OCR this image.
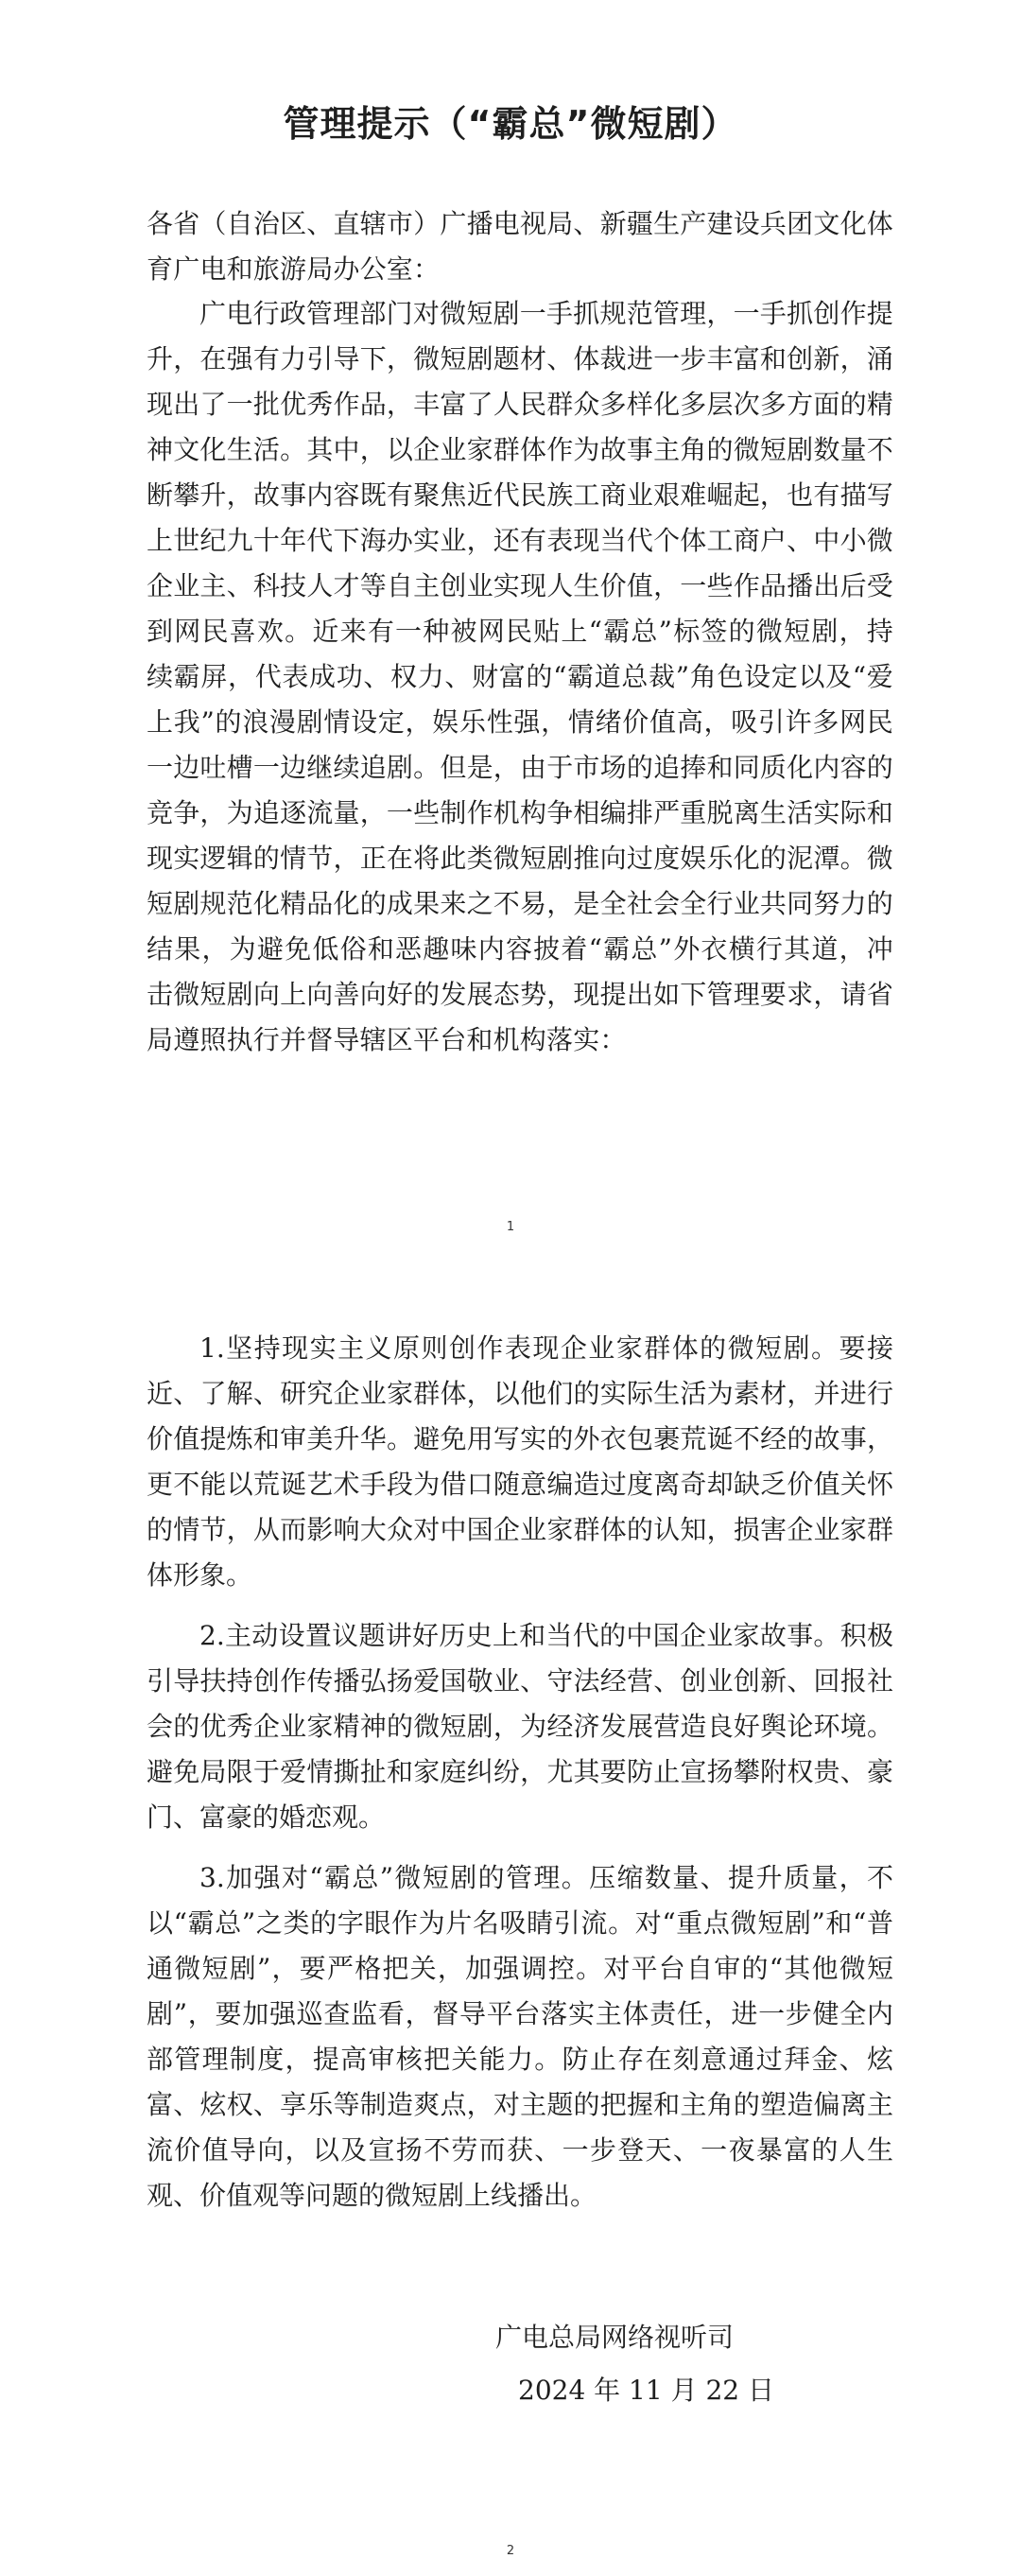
管理提示（“霸总”微短剧）

各省（自治区、直辖市）广播电视局、新疆生产建设兵团文化体育广电和旅游局办公室：

广电行政管理部门对微短剧一手抓规范管理，一手抓创作提升，在强有力引导下，微短剧题材、体裁进一步丰富和创新，涌现出了一批优秀作品，丰富了人民群众多样化多层次多方面的精神文化生活。其中，以企业家群体作为故事主角的微短剧数量不断攀升，故事内容既有聚焦近代民族工商业艰难崛起，也有描写上世纪九十年代下海办实业，还有表现当代个体工商户、中小微企业主、科技人才等自主创业实现人生价值，一些作品播出后受到网民喜欢。近来有一种被网民贴上“霸总”标签的微短剧，持续霸屏，代表成功、权力、财富的“霸道总裁”角色设定以及“爱上我”的浪漫剧情设定，娱乐性强，情绪价值高，吸引许多网民一边吐槽一边继续追剧。但是，由于市场的追捧和同质化内容的竞争，为追逐流量，一些制作机构争相编排严重脱离生活实际和现实逻辑的情节，正在将此类微短剧推向过度娱乐化的泥潭。微短剧规范化精品化的成果来之不易，是全社会全行业共同努力的结果，为避免低俗和恶趣味内容披着“霸总”外衣横行其道，冲击微短剧向上向善向好的发展态势，现提出如下管理要求，请省局遵照执行并督导辖区平台和机构落实：

1

1.坚持现实主义原则创作表现企业家群体的微短剧。要接近、了解、研究企业家群体，以他们的实际生活为素材，并进行价值提炼和审美升华。避免用写实的外衣包裹荒诞不经的故事，更不能以荒诞艺术手段为借口随意编造过度离奇却缺乏价值关怀的情节，从而影响大众对中国企业家群体的认知，损害企业家群体形象。

2.主动设置议题讲好历史上和当代的中国企业家故事。积极引导扶持创作传播弘扬爱国敬业、守法经营、创业创新、回报社会的优秀企业家精神的微短剧，为经济发展营造良好舆论环境。避免局限于爱情撕扯和家庭纠纷，尤其要防止宣扬攀附权贵、豪门、富豪的婚恋观。

3.加强对“霸总”微短剧的管理。压缩数量、提升质量，不以“霸总”之类的字眼作为片名吸睛引流。对“重点微短剧”和“普通微短剧”，要严格把关，加强调控。对平台自审的“其他微短剧”，要加强巡查监看，督导平台落实主体责任，进一步健全内部管理制度，提高审核把关能力。防止存在刻意通过拜金、炫富、炫权、享乐等制造爽点，对主题的把握和主角的塑造偏离主流价值导向，以及宣扬不劳而获、一步登天、一夜暴富的人生观、价值观等问题的微短剧上线播出。

广电总局网络视听司
2024 年 11 月 22 日
2
